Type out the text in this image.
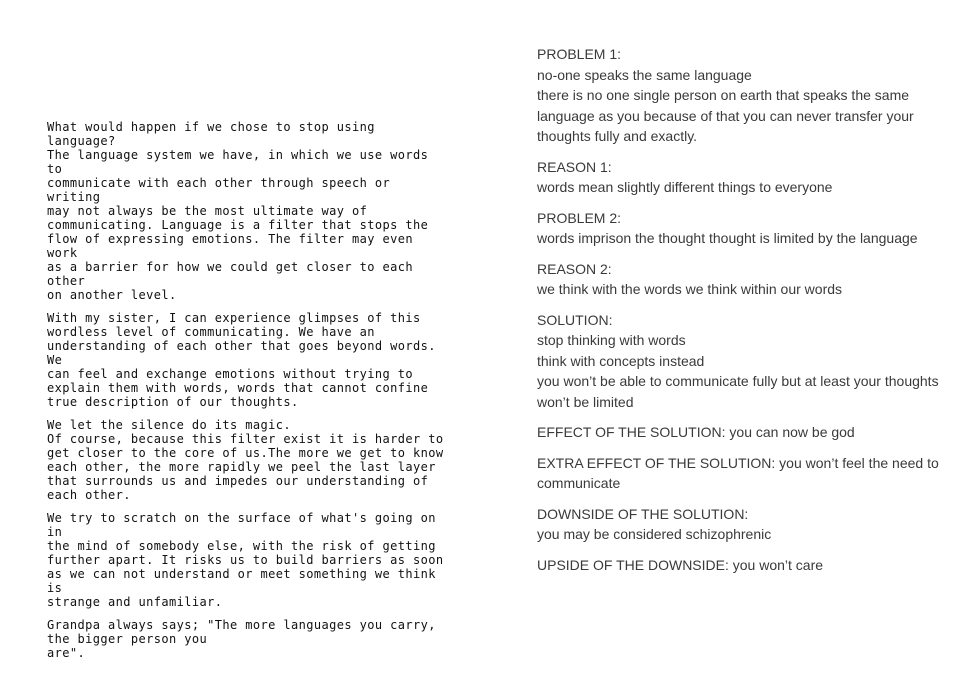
What would happen if we chose to stop using language?
The language system we have, in which we use words to
communicate with each other through speech or writing
may not always be the most ultimate way of
communicating. Language is a filter that stops the
flow of expressing emotions. The filter may even work
as a barrier for how we could get closer to each other
on another level.

With my sister, I can experience glimpses of this
wordless level of communicating. We have an
understanding of each other that goes beyond words. We
can feel and exchange emotions without trying to
explain them with words, words that cannot confine
true description of our thoughts.

We let the silence do its magic.
Of course, because this filter exist it is harder to
get closer to the core of us.The more we get to know
each other, the more rapidly we peel the last layer
that surrounds us and impedes our understanding of
each other.

We try to scratch on the surface of what's going on in
the mind of somebody else, with the risk of getting
further apart. It risks us to build barriers as soon
as we can not understand or meet something we think is
strange and unfamiliar.

Grandpa always says; "The more languages you carry,
the bigger person you
are".

PROBLEM 1:
no-one speaks the same language
there is no one single person on earth that speaks the same language as you because of that you can never transfer your thoughts fully and exactly.
REASON 1:
words mean slightly different things to everyone
PROBLEM 2:
words imprison the thought thought is limited by the language
REASON 2:
we think with the words we think within our words
SOLUTION:
stop thinking with words
think with concepts instead
you won’t be able to communicate fully but at least your thoughts won’t be limited
EFFECT OF THE SOLUTION: you can now be god
EXTRA EFFECT OF THE SOLUTION: you won’t feel the need to communicate
DOWNSIDE OF THE SOLUTION:
you may be considered schizophrenic
UPSIDE OF THE DOWNSIDE: you won’t care
